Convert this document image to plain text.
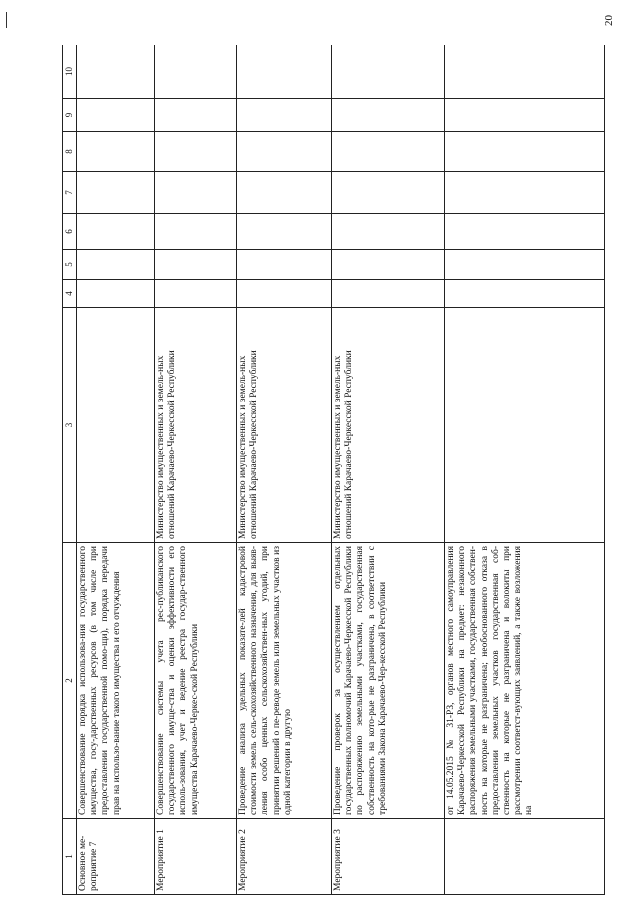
20
1	2	3	4	5	6	7	8	9	10
Основное ме-роприятие 7	Совершенствование порядка использова-ния государственного имущества, госу-дарственных ресурсов (в том числе при предоставлении государственной помо-щи), порядка передачи прав на использо-вание такого имущества и его отчуждения								
Мероприятие 1	Совершенствование системы учета рес-публиканского государственного имуще-ства и оценки эффективности его исполь-зования, учет и ведение реестра государ-ственного имущества Карачаево-Черкес-ской Республики	Министерство имущественных и земель-ных отношений Карачаево-Черкесской Республики							
Мероприятие 2	Проведение анализа удельных показате-лей кадастровой стоимости земель сель-скохозяйственного назначения, для выяв-ления особо ценных сельскохозяйствен-ных угодий, при принятии решений о пе-реводе земель или земельных участков из одной категории в другую	Министерство имущественных и земель-ных отношений Карачаево-Черкесской Республики							
Мероприятие 3	Проведение проверок за осуществлением отдельных государственных полномочий Карачаево-Черкесской Республики по распоряжению земельными участками, государственная собственность на кото-рые не разграничена, в соответствии с требованиями Закона Карачаево-Чер-кесской Республики	Министерство имущественных и земель-ных отношений Карачаево-Черкесской Республики							
	от 14.05.2015 № 31-РЗ, органов местного самоуправления Карачаево-Черкесской Республики на предмет: незаконного распоряжения земельными участками, государственная собствен-ность на которые не разграничена; необоснованного отказа в предоставлении земельных участков государственная соб-ственность на которые не разграничена и волокиты при рассмотрении соответст-вующих заявлений, а также возложения на								
